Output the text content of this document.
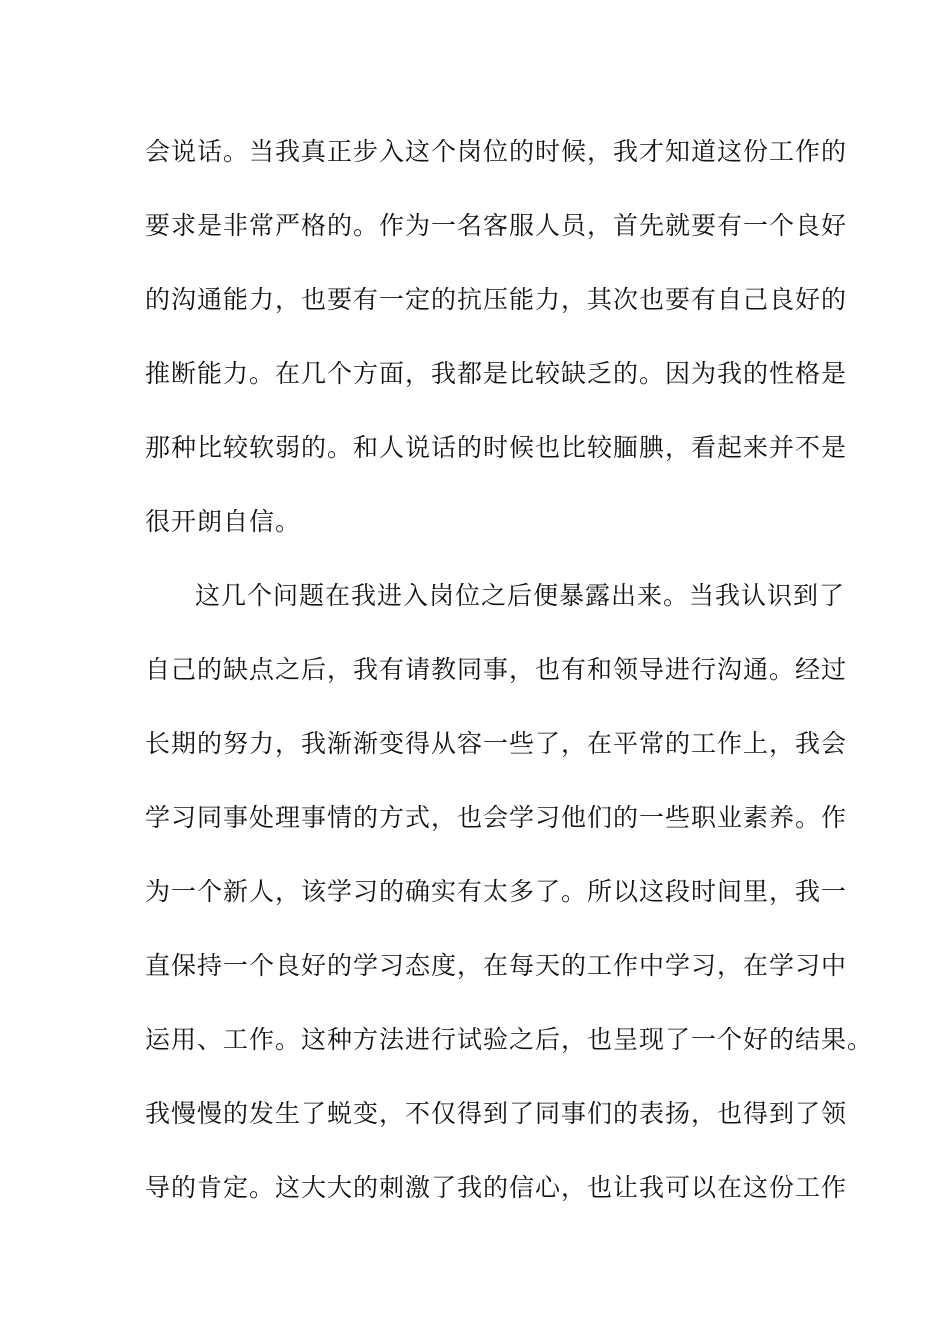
会说话。当我真正步入这个岗位的时候，我才知道这份工作的
要求是非常严格的。作为一名客服人员，首先就要有一个良好
的沟通能力，也要有一定的抗压能力，其次也要有自己良好的
推断能力。在几个方面，我都是比较缺乏的。因为我的性格是
那种比较软弱的。和人说话的时候也比较腼腆，看起来并不是
很开朗自信。
这几个问题在我进入岗位之后便暴露出来。当我认识到了
自己的缺点之后，我有请教同事，也有和领导进行沟通。经过
长期的努力，我渐渐变得从容一些了，在平常的工作上，我会
学习同事处理事情的方式，也会学习他们的一些职业素养。作
为一个新人，该学习的确实有太多了。所以这段时间里，我一
直保持一个良好的学习态度，在每天的工作中学习，在学习中
运用、工作。这种方法进行试验之后，也呈现了一个好的结果。
我慢慢的发生了蜕变，不仅得到了同事们的表扬，也得到了领
导的肯定。这大大的刺激了我的信心，也让我可以在这份工作
